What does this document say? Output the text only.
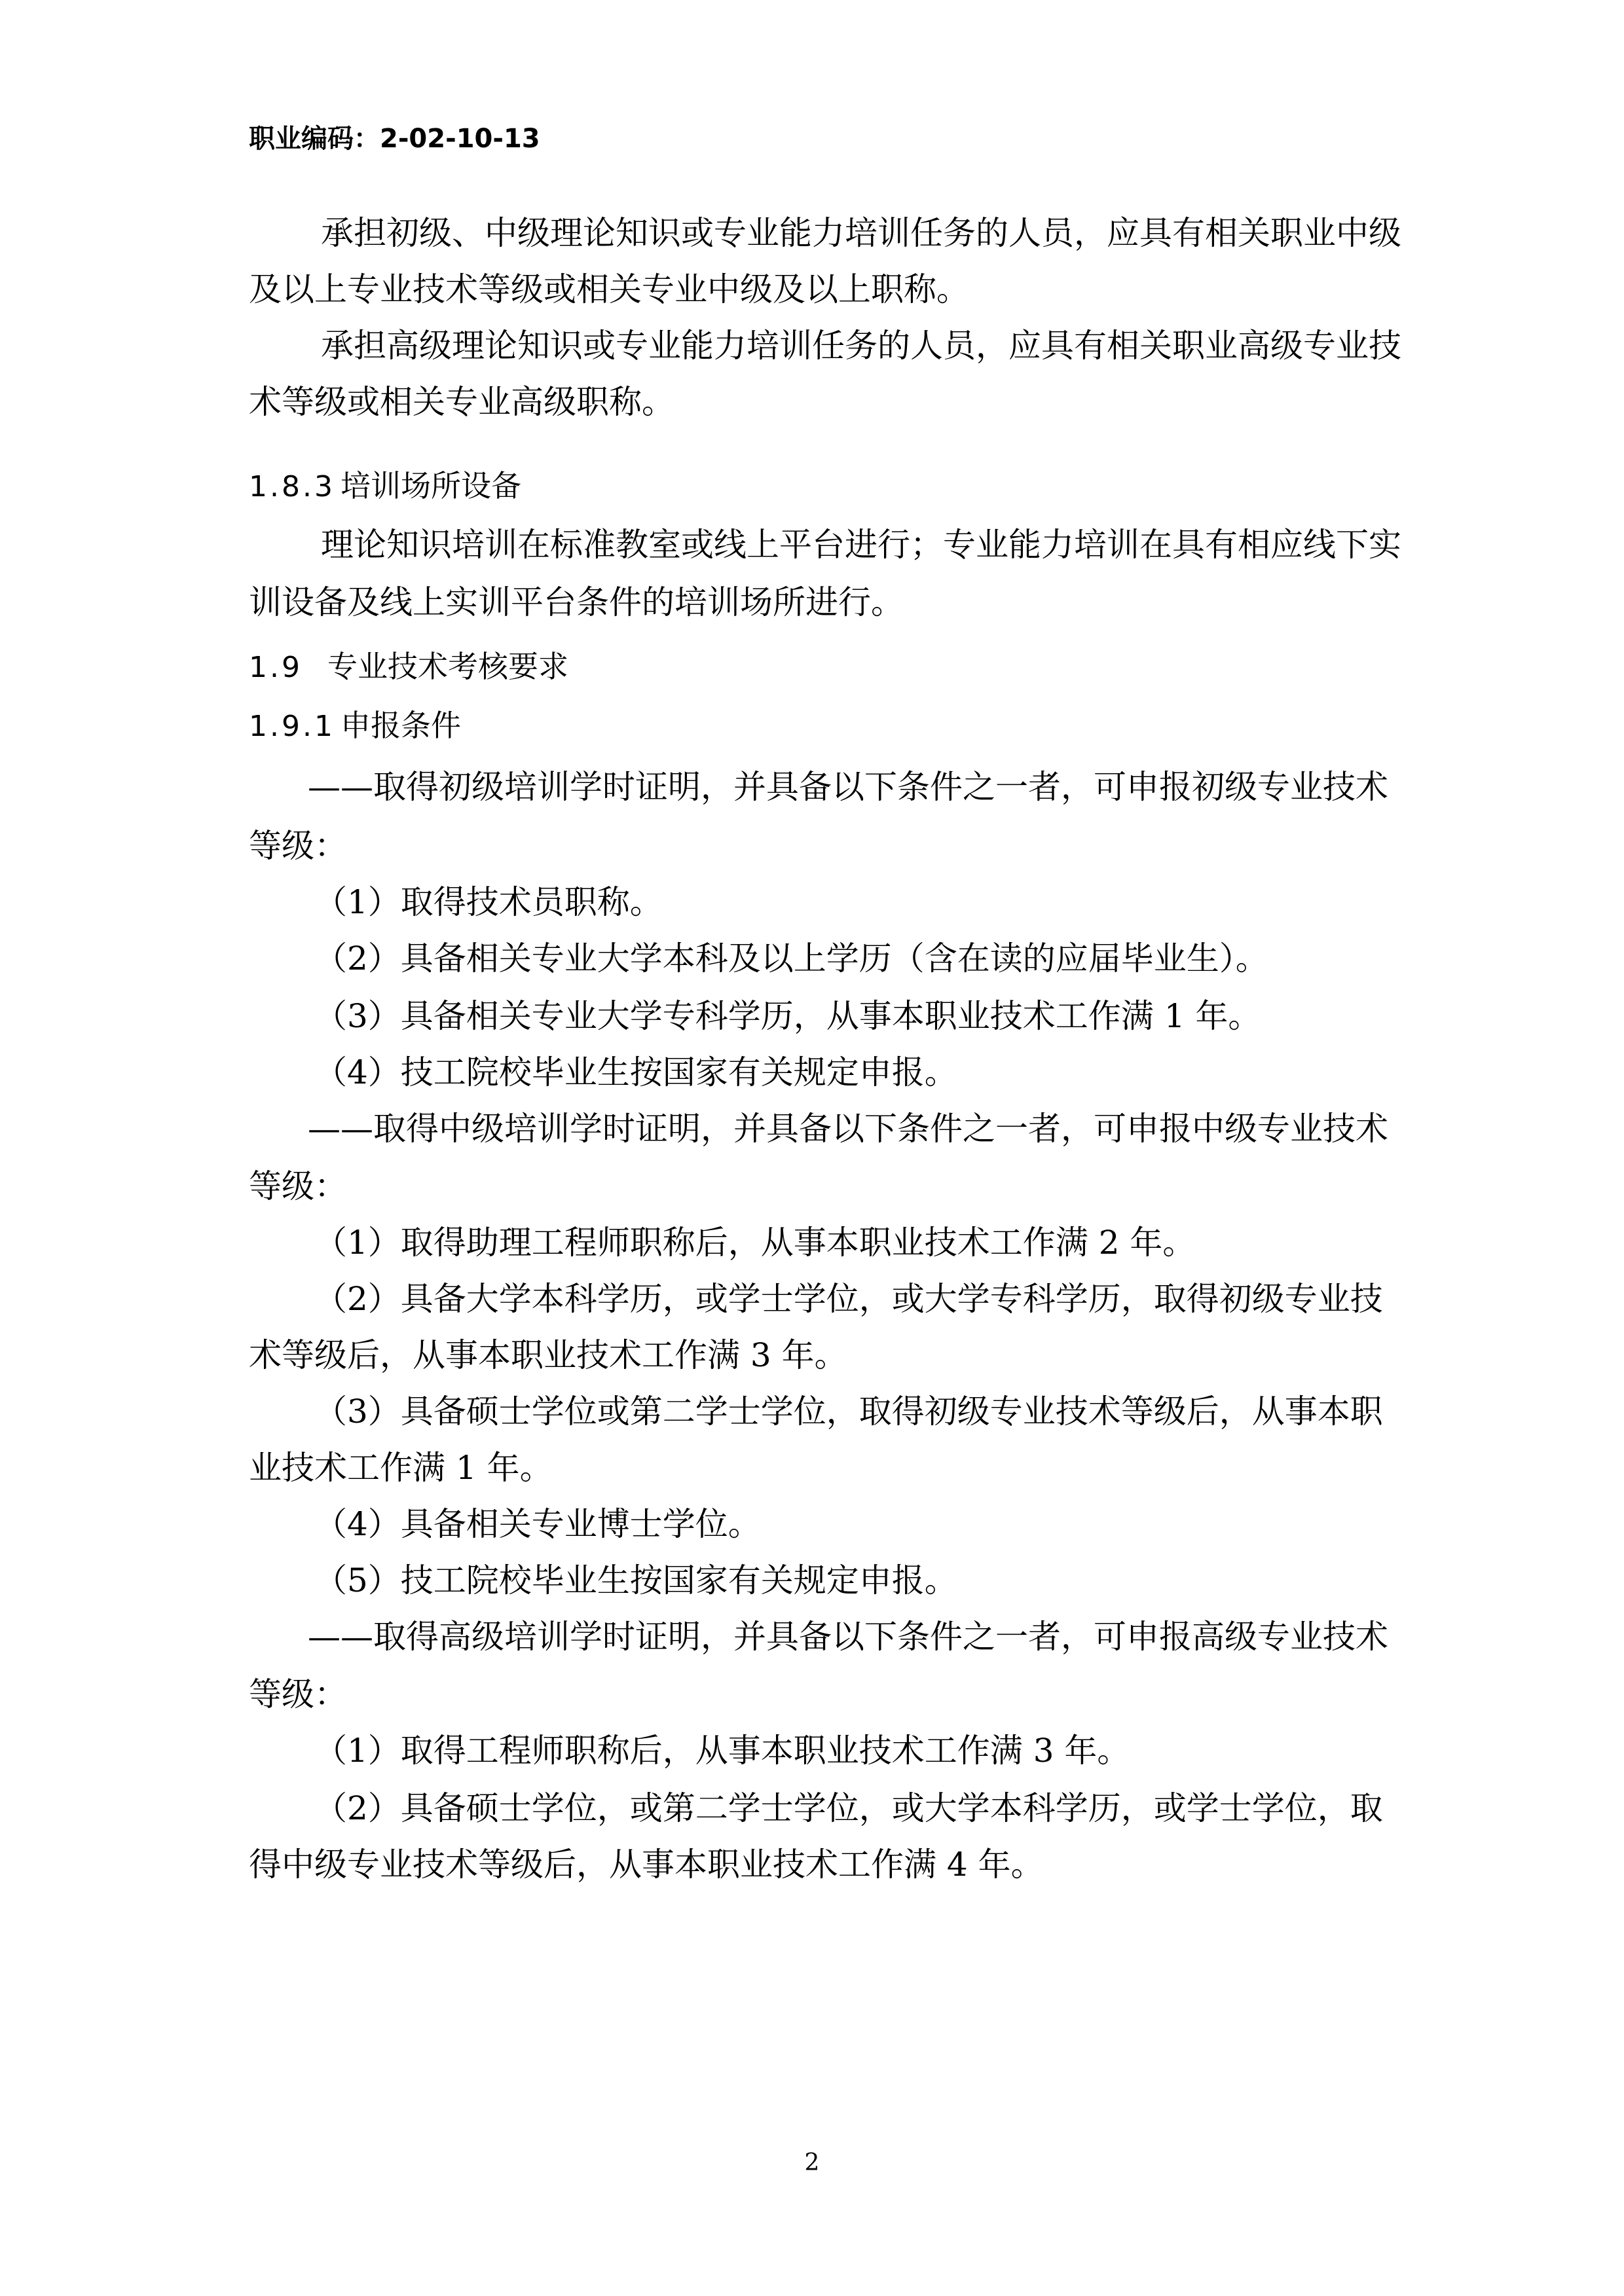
职业编码：2-02-10-13
承担初级、中级理论知识或专业能力培训任务的人员，应具有相关职业中级
及以上专业技术等级或相关专业中级及以上职称。
承担高级理论知识或专业能力培训任务的人员，应具有相关职业高级专业技
术等级或相关专业高级职称。
1.8.3 培训场所设备
理论知识培训在标准教室或线上平台进行；专业能力培训在具有相应线下实
训设备及线上实训平台条件的培训场所进行。
1.9 专业技术考核要求
1.9.1 申报条件
——取得初级培训学时证明，并具备以下条件之一者，可申报初级专业技术
等级：
（1）取得技术员职称。
（2）具备相关专业大学本科及以上学历（含在读的应届毕业生）。
（3）具备相关专业大学专科学历，从事本职业技术工作满 1 年。
（4）技工院校毕业生按国家有关规定申报。
——取得中级培训学时证明，并具备以下条件之一者，可申报中级专业技术
等级：
（1）取得助理工程师职称后，从事本职业技术工作满 2 年。
（2）具备大学本科学历，或学士学位，或大学专科学历，取得初级专业技
术等级后，从事本职业技术工作满 3 年。
（3）具备硕士学位或第二学士学位，取得初级专业技术等级后，从事本职
业技术工作满 1 年。
（4）具备相关专业博士学位。
（5）技工院校毕业生按国家有关规定申报。
——取得高级培训学时证明，并具备以下条件之一者，可申报高级专业技术
等级：
（1）取得工程师职称后，从事本职业技术工作满 3 年。
（2）具备硕士学位，或第二学士学位，或大学本科学历，或学士学位，取
得中级专业技术等级后，从事本职业技术工作满 4 年。
2
